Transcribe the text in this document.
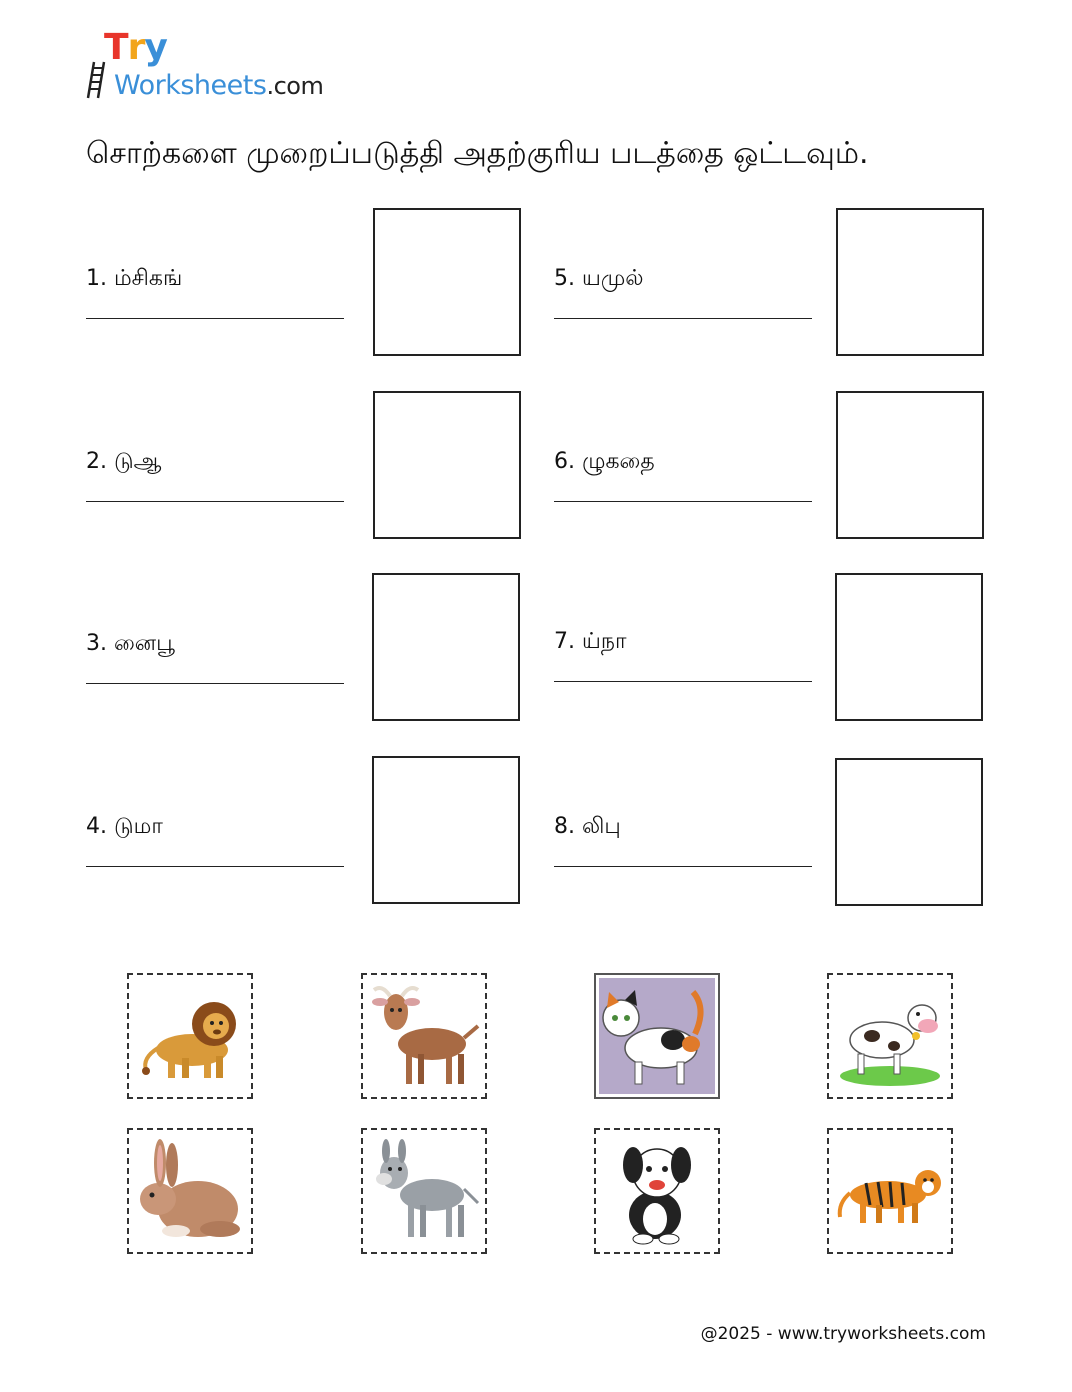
Try
Worksheets.com
சொற்களை முறைப்படுத்தி அதற்குரிய படத்தை ஒட்டவும்.
1. ம்சிகங்
2. டுஆ
3. னைபூ
4. டுமா
5. யமுல்
6. ழுகதை
7. ய்நா
8. லிபு
@2025 - www.tryworksheets.com
